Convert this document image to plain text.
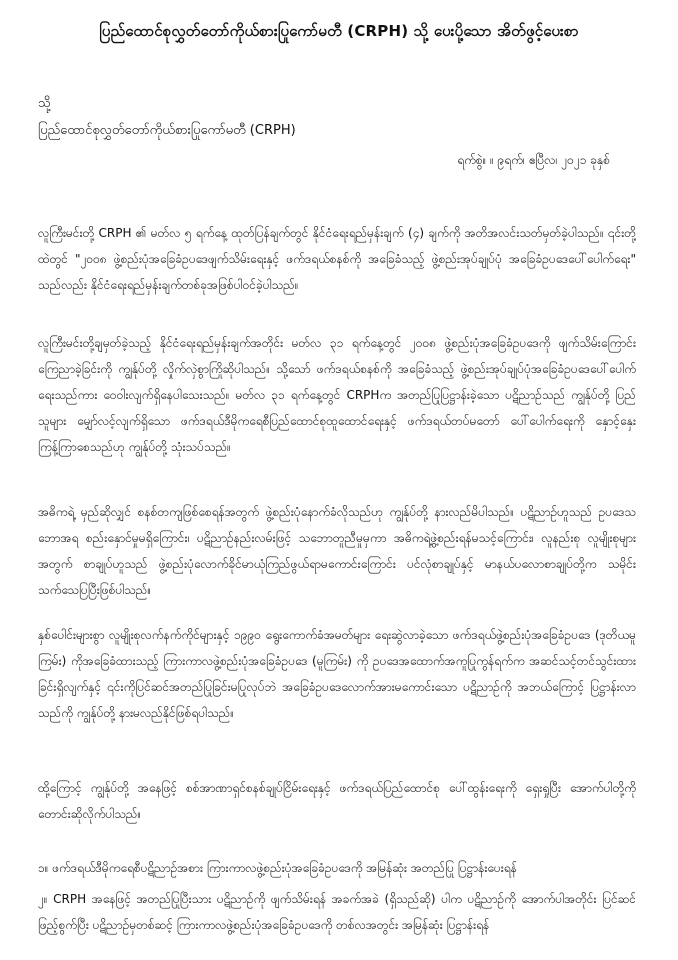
ပြည်ထောင်စုလွှတ်တော်ကိုယ်စားပြုကော်မတီ (CRPH) သို့ ပေးပို့သော အိတ်ဖွင့်ပေးစာ
သို့
ပြည်ထောင်စုလွှတ်တော်ကိုယ်စားပြုကော်မတီ (CRPH)
ရက်စွဲ။ ။ ၉ရက်၊ ဧပြီလ၊ ၂၀၂၁ ခုနှစ်

လူကြီးမင်းတို့ CRPH ၏ မတ်လ ၅ ရက်နေ့ ထုတ်ပြန်ချက်တွင် နိုင်ငံရေးရည်မှန်းချက် (၄) ချက်ကို အတိအလင်းသတ်မှတ်ခဲ့ပါသည်။ ၎င်းတို့ထဲတွင် "၂၀၀၈ ဖွဲ့စည်းပုံအခြေခံဥပဒေဖျက်သိမ်းရေးနှင့် ဖက်ဒရယ်စနစ်ကို အခြေခံသည့် ဖွဲ့စည်းအုပ်ချုပ်ပုံ အခြေခံဥပဒေပေါ်ပေါက်ရေး" သည်လည်း နိုင်ငံရေးရည်မှန်းချက်တစ်ခုအဖြစ်ပါဝင်ခဲ့ပါသည်။

လူကြီးမင်းတို့ချမှတ်ခဲ့သည့် နိုင်ငံရေးရည်မှန်းချက်အတိုင်း မတ်လ ၃၁ ရက်နေ့တွင် ၂၀၀၈ ဖွဲ့စည်းပုံအခြေခံဥပဒေကို ဖျက်သိမ်းကြောင်းကြေညာခဲ့ခြင်းကို ကျွန်ုပ်တို့ လှိုက်လှဲစွာကြိုဆိုပါသည်။ သို့သော် ဖက်ဒရယ်စနစ်ကို အခြေခံသည့် ဖွဲ့စည်းအုပ်ချုပ်ပုံအခြေခံဥပဒေပေါ်ပေါက်ရေးသည်ကား ဝေဝါးလျက်ရှိနေပါသေးသည်။ မတ်လ ၃၁ ရက်နေ့တွင် CRPHက အတည်ပြုပြဋ္ဌာန်းခဲ့သော ပဋိညာဉ်သည် ကျွန်ုပ်တို့ ပြည်သူများ မျှော်လင့်လျက်ရှိသော ဖက်ဒရယ်ဒီမိုကရေစီပြည်ထောင်စုထူထောင်ရေးနှင့် ဖက်ဒရယ်တပ်မတော် ပေါ်ပေါက်ရေးကို နှောင့်နှေးကြန့်ကြာစေသည်ဟု ကျွန်ုပ်တို့ သုံးသပ်သည်။

အဓိကရဲ့ မှည်ဆိုလျှင် စနစ်တကျဖြစ်စေရန်အတွက် ဖွဲ့စည်းပုံနောက်ခံလိုသည်ဟု ကျွန်ုပ်တို့ နားလည်မိပါသည်။ ပဋိညာဉ်ဟူသည် ဥပဒေသဘောအရ စည်းနှောင်မှုမရှိကြောင်း၊ ပဋိညာဉ်နည်းလမ်းဖြင့် သဘောတူညီမှုမှကာ အဓိကရဲ့ဖွဲ့စည်းရန်မသင့်ကြောင်း၊ လူနည်းစု လူမျိုးစုများအတွက် စာချုပ်ဟူသည် ဖွဲ့စည်းပုံလောက်ခိုင်မာယုံကြည်ဖွယ်ရာမကောင်းကြောင်း ပင်လုံစာချုပ်နှင့် မာနယ်ပလောစာချုပ်တို့က သမိုင်းသက်သေပြပြီးဖြစ်ပါသည်။

နှစ်ပေါင်းများစွာ လူမျိုးစုလက်နက်ကိုင်များနှင့် ၁၉၉၀ ရွေးကောက်ခံအမတ်များ ရေးဆွဲလာခဲ့သော ဖက်ဒရယ်ဖွဲ့စည်းပုံအခြေခံဥပဒေ (ဒုတိယမူကြမ်း) ကိုအခြေခံထားသည့် ကြားကာလဖွဲ့စည်းပုံအခြေခံဥပဒေ (မူကြမ်း) ကို ဥပဒေအထောက်အကူပြုကွန်ရက်က အဆင်သင့်တင်သွင်းထားခြင်းရှိလျက်နှင့် ၎င်းကိုပြင်ဆင်အတည်ပြုခြင်းမပြုလုပ်ဘဲ အခြေခံဥပဒေလောက်အားမကောင်းသော ပဋိညာဉ်ကို အဘယ်ကြောင့် ပြဋ္ဌာန်းလာသည်ကို ကျွန်ုပ်တို့ နားမလည်နိုင်ဖြစ်ရပါသည်။

ထို့ကြောင့် ကျွန်ုပ်တို့ အနေဖြင့် စစ်အာဏာရှင်စနစ်ချုပ်ငြိမ်းရေးနှင့် ဖက်ဒရယ်ပြည်ထောင်စု ပေါ်ထွန်းရေးကို ရှေးရှုပြီး အောက်ပါတို့ကို တောင်းဆိုလိုက်ပါသည်။

၁။ ဖက်ဒရယ်ဒီမိုကရေစီပဋိညာဉ်အစား ကြားကာလဖွဲ့စည်းပုံအခြေခံဥပဒေကို အမြန်ဆုံး အတည်ပြု ပြဋ္ဌာန်းပေးရန်

၂။ CRPH အနေဖြင့် အတည်ပြုပြီးသား ပဋိညာဉ်ကို ဖျက်သိမ်းရန် အခက်အခဲ (ရှိသည်ဆို) ပါက ပဋိညာဉ်ကို အောက်ပါအတိုင်း ပြင်ဆင်ဖြည့်စွက်ပြီး ပဋိညာဉ်မှတစ်ဆင့် ကြားကာလဖွဲ့စည်းပုံအခြေခံဥပဒေကို တစ်လအတွင်း အမြန်ဆုံး ပြဋ္ဌာန်းရန်
